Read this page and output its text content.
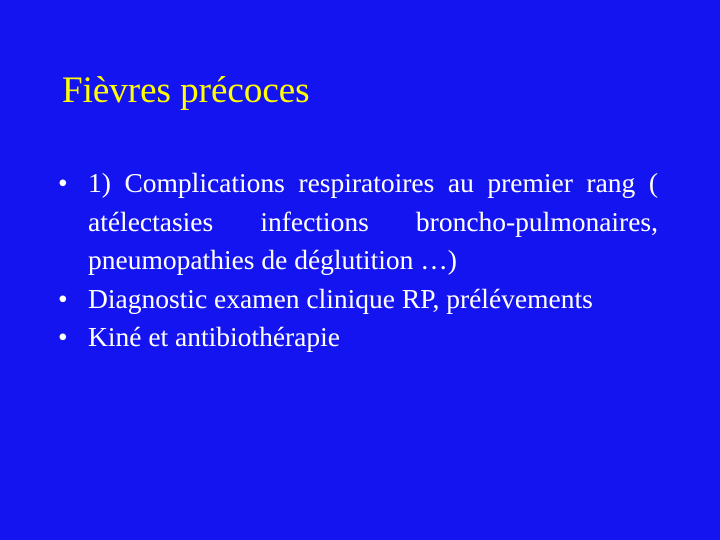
Fièvres précoces
• 1) Complications respiratoires au premier rang ( atélectasies infections broncho-pulmonaires, pneumopathies de déglutition …)
• Diagnostic examen clinique RP, prélévements
• Kiné et antibiothérapie
